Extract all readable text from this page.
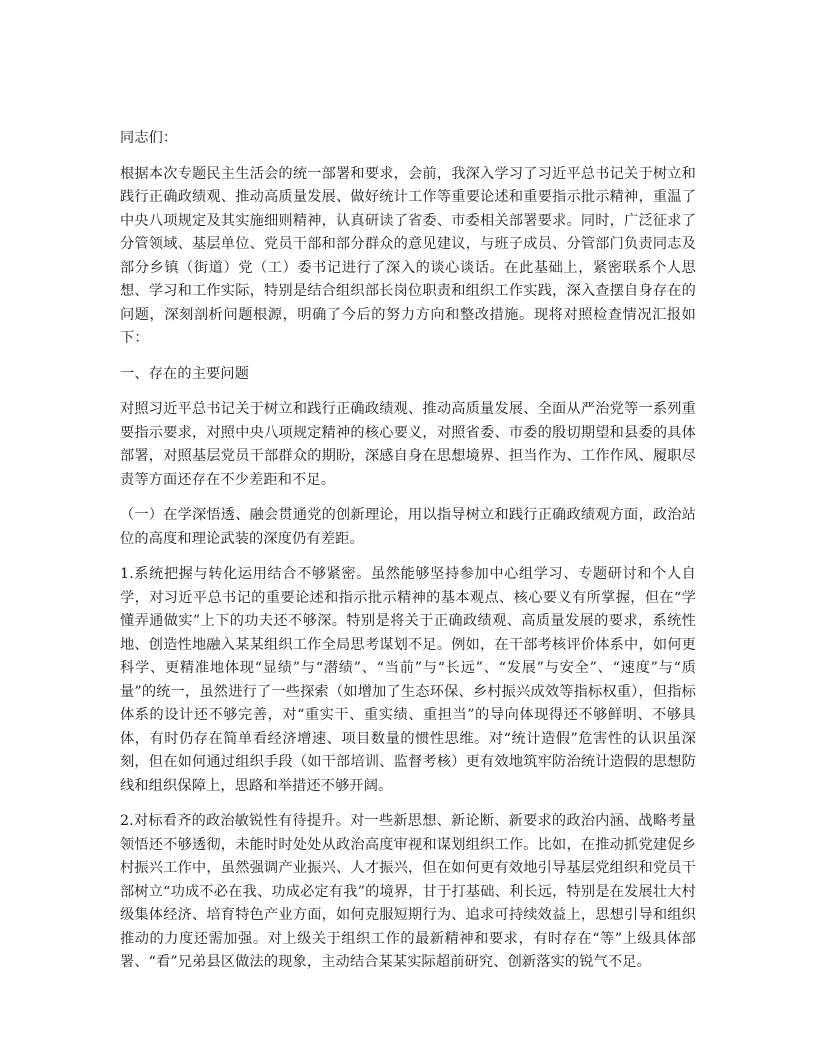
同志们：

根据本次专题民主生活会的统一部署和要求，会前，我深入学习了习近平总书记关于树立和践行正确政绩观、推动高质量发展、做好统计工作等重要论述和重要指示批示精神，重温了中央八项规定及其实施细则精神，认真研读了省委、市委相关部署要求。同时，广泛征求了分管领域、基层单位、党员干部和部分群众的意见建议，与班子成员、分管部门负责同志及部分乡镇（街道）党（工）委书记进行了深入的谈心谈话。在此基础上，紧密联系个人思想、学习和工作实际，特别是结合组织部长岗位职责和组织工作实践，深入查摆自身存在的问题，深刻剖析问题根源，明确了今后的努力方向和整改措施。现将对照检查情况汇报如下：

一、存在的主要问题

对照习近平总书记关于树立和践行正确政绩观、推动高质量发展、全面从严治党等一系列重要指示要求，对照中央八项规定精神的核心要义，对照省委、市委的殷切期望和县委的具体部署，对照基层党员干部群众的期盼，深感自身在思想境界、担当作为、工作作风、履职尽责等方面还存在不少差距和不足。

（一）在学深悟透、融会贯通党的创新理论，用以指导树立和践行正确政绩观方面，政治站位的高度和理论武装的深度仍有差距。

1.系统把握与转化运用结合不够紧密。虽然能够坚持参加中心组学习、专题研讨和个人自学，对习近平总书记的重要论述和指示批示精神的基本观点、核心要义有所掌握，但在“学懂弄通做实”上下的功夫还不够深。特别是将关于正确政绩观、高质量发展的要求，系统性地、创造性地融入某某组织工作全局思考谋划不足。例如，在干部考核评价体系中，如何更科学、更精准地体现“显绩”与“潜绩”、“当前”与“长远”、“发展”与安全”、“速度”与“质量”的统一，虽然进行了一些探索（如增加了生态环保、乡村振兴成效等指标权重），但指标体系的设计还不够完善，对“重实干、重实绩、重担当”的导向体现得还不够鲜明、不够具体，有时仍存在简单看经济增速、项目数量的惯性思维。对“统计造假”危害性的认识虽深刻，但在如何通过组织手段（如干部培训、监督考核）更有效地筑牢防治统计造假的思想防线和组织保障上，思路和举措还不够开阔。

2.对标看齐的政治敏锐性有待提升。对一些新思想、新论断、新要求的政治内涵、战略考量领悟还不够透彻，未能时时处处从政治高度审视和谋划组织工作。比如，在推动抓党建促乡村振兴工作中，虽然强调产业振兴、人才振兴，但在如何更有效地引导基层党组织和党员干部树立“功成不必在我、功成必定有我”的境界，甘于打基础、利长远，特别是在发展壮大村级集体经济、培育特色产业方面，如何克服短期行为、追求可持续效益上，思想引导和组织推动的力度还需加强。对上级关于组织工作的最新精神和要求，有时存在“等”上级具体部署、“看”兄弟县区做法的现象，主动结合某某实际超前研究、创新落实的锐气不足。
